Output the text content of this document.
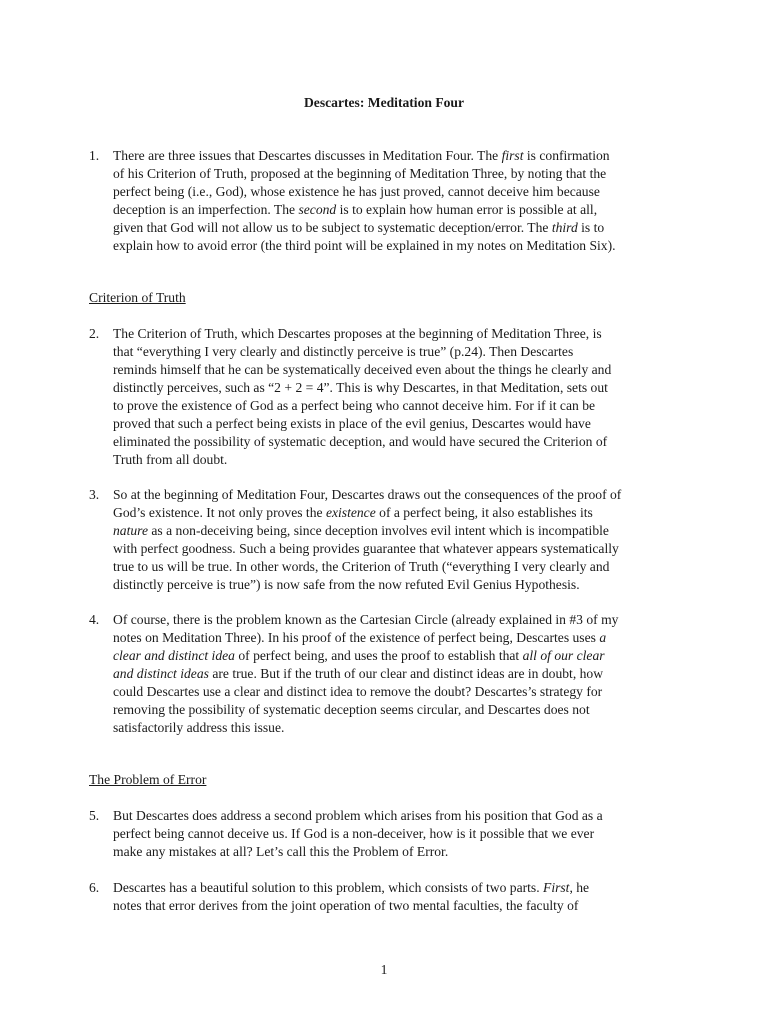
Descartes: Meditation Four
1.	There are three issues that Descartes discusses in Meditation Four. The first is confirmation
of his Criterion of Truth, proposed at the beginning of Meditation Three, by noting that the
perfect being (i.e., God), whose existence he has just proved, cannot deceive him because
deception is an imperfection. The second is to explain how human error is possible at all,
given that God will not allow us to be subject to systematic deception/error. The third is to
explain how to avoid error (the third point will be explained in my notes on Meditation Six).
Criterion of Truth
2.	The Criterion of Truth, which Descartes proposes at the beginning of Meditation Three, is
that “everything I very clearly and distinctly perceive is true” (p.24). Then Descartes
reminds himself that he can be systematically deceived even about the things he clearly and
distinctly perceives, such as “2 + 2 = 4”. This is why Descartes, in that Meditation, sets out
to prove the existence of God as a perfect being who cannot deceive him. For if it can be
proved that such a perfect being exists in place of the evil genius, Descartes would have
eliminated the possibility of systematic deception, and would have secured the Criterion of
Truth from all doubt.
3.	So at the beginning of Meditation Four, Descartes draws out the consequences of the proof of
God’s existence. It not only proves the existence of a perfect being, it also establishes its
nature as a non-deceiving being, since deception involves evil intent which is incompatible
with perfect goodness. Such a being provides guarantee that whatever appears systematically
true to us will be true. In other words, the Criterion of Truth (“everything I very clearly and
distinctly perceive is true”) is now safe from the now refuted Evil Genius Hypothesis.
4.	Of course, there is the problem known as the Cartesian Circle (already explained in #3 of my
notes on Meditation Three). In his proof of the existence of perfect being, Descartes uses a
clear and distinct idea of perfect being, and uses the proof to establish that all of our clear
and distinct ideas are true. But if the truth of our clear and distinct ideas are in doubt, how
could Descartes use a clear and distinct idea to remove the doubt? Descartes’s strategy for
removing the possibility of systematic deception seems circular, and Descartes does not
satisfactorily address this issue.
The Problem of Error
5.	But Descartes does address a second problem which arises from his position that God as a
perfect being cannot deceive us. If God is a non-deceiver, how is it possible that we ever
make any mistakes at all? Let’s call this the Problem of Error.
6.	Descartes has a beautiful solution to this problem, which consists of two parts. First, he
notes that error derives from the joint operation of two mental faculties, the faculty of
1
